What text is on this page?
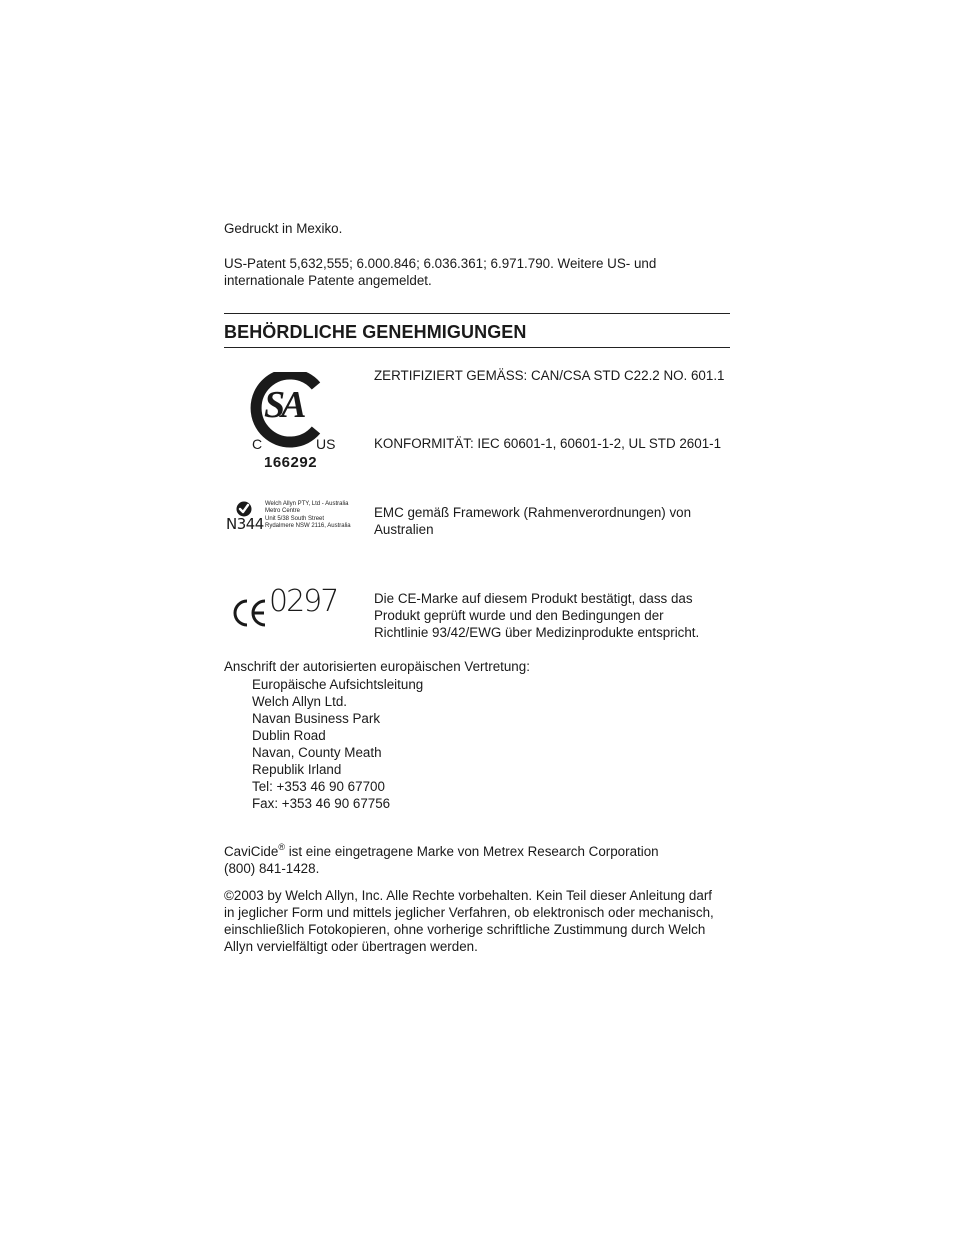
Gedruckt in Mexiko.
US-Patent 5,632,555; 6.000.846; 6.036.361; 6.971.790. Weitere US- und
internationale Patente angemeldet.
BEHÖRDLICHE GENEHMIGUNGEN
SA
C	US
166292
ZERTIFIZIERT GEMÄSS: CAN/CSA STD C22.2 NO. 601.1
KONFORMITÄT: IEC 60601-1, 60601-1-2, UL STD 2601-1
N344
Welch Allyn PTY, Ltd - Australia
Metro Centre
Unit 5/38 South Street
Rydalmere NSW 2116, Australia
EMC gemäß Framework (Rahmenverordnungen) von
Australien
0297	Die CE-Marke auf diesem Produkt bestätigt, dass das
Produkt geprüft wurde und den Bedingungen der
Richtlinie 93/42/EWG über Medizinprodukte entspricht.
Anschrift der autorisierten europäischen Vertretung:
Europäische Aufsichtsleitung
Welch Allyn Ltd.
Navan Business Park
Dublin Road
Navan, County Meath
Republik Irland
Tel: +353 46 90 67700
Fax: +353 46 90 67756
CaviCide® ist eine eingetragene Marke von Metrex Research Corporation
(800) 841-1428.
©2003 by Welch Allyn, Inc. Alle Rechte vorbehalten. Kein Teil dieser Anleitung darf
in jeglicher Form und mittels jeglicher Verfahren, ob elektronisch oder mechanisch,
einschließlich Fotokopieren, ohne vorherige schriftliche Zustimmung durch Welch
Allyn vervielfältigt oder übertragen werden.
